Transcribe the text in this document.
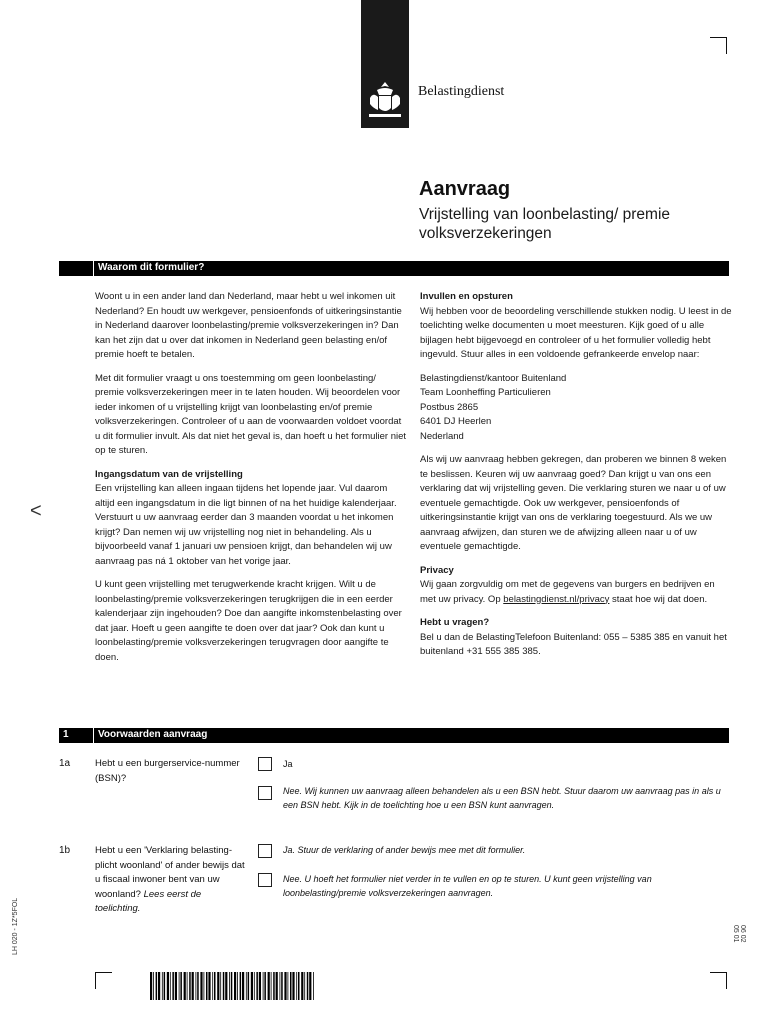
Belastingdienst
Aanvraag
Vrijstelling van loonbelasting/ premie volksverzekeringen
Waarom dit formulier?

Woont u in een ander land dan Nederland, maar hebt u wel inkomen uit Nederland? En houdt uw werkgever, pensioenfonds of uitkeringsinstantie in Nederland daarover loonbelasting/premie volksverzekeringen in? Dan kan het zijn dat u over dat inkomen in Nederland geen belasting en/of premie hoeft te betalen.

Met dit formulier vraagt u ons toestemming om geen loonbelasting/ premie volksverzekeringen meer in te laten houden. Wij beoordelen voor ieder inkomen of u vrijstelling krijgt van loonbelasting en/of premie volksverzekeringen. Controleer of u aan de voorwaarden voldoet voordat u dit formulier invult. Als dat niet het geval is, dan hoeft u het formulier niet op te sturen.

Ingangsdatum van de vrijstelling

Een vrijstelling kan alleen ingaan tijdens het lopende jaar. Vul daarom altijd een ingangsdatum in die ligt binnen of na het huidige kalenderjaar. Verstuurt u uw aanvraag eerder dan 3 maanden voordat u het inkomen krijgt? Dan nemen wij uw vrijstelling nog niet in behandeling. Als u bijvoorbeeld vanaf 1 januari uw pensioen krijgt, dan behandelen wij uw aanvraag pas ná 1 oktober van het vorige jaar.

U kunt geen vrijstelling met terugwerkende kracht krijgen. Wilt u de loonbelasting/premie volksverzekeringen terugkrijgen die in een eerder kalenderjaar zijn ingehouden? Doe dan aangifte inkomstenbelasting over dat jaar. Hoeft u geen aangifte te doen over dat jaar? Ook dan kunt u loonbelasting/premie volksverzekeringen terugvragen door aangifte te doen.

Invullen en opsturen

Wij hebben voor de beoordeling verschillende stukken nodig. U leest in de toelichting welke documenten u moet meesturen. Kijk goed of u alle bijlagen hebt bijgevoegd en controleer of u het formulier volledig hebt ingevuld. Stuur alles in een voldoende gefrankeerde envelop naar:

Belastingdienst/kantoor Buitenland
Team Loonheffing Particulieren
Postbus 2865
6401 DJ Heerlen
Nederland

Als wij uw aanvraag hebben gekregen, dan proberen we binnen 8 weken te beslissen. Keuren wij uw aanvraag goed? Dan krijgt u van ons een verklaring dat wij vrijstelling geven. Die verklaring sturen we naar u of uw eventuele gemachtigde. Ook uw werkgever, pensioenfonds of uitkeringsinstantie krijgt van ons de verklaring toegestuurd. Als we uw aanvraag afwijzen, dan sturen we de afwijzing alleen naar u of uw eventuele gemachtigde.

Privacy

Wij gaan zorgvuldig om met de gegevens van burgers en bedrijven en met uw privacy. Op belastingdienst.nl/privacy staat hoe wij dat doen.

Hebt u vragen?

Bel u dan de BelastingTelefoon Buitenland: 055 – 5385 385 en vanuit het buitenland +31 555 385 385.

1	Voorwaarden aanvraag
1a	Hebt u een burgerservice-nummer (BSN)?
Ja
Nee. Wij kunnen uw aanvraag alleen behandelen als u een BSN hebt. Stuur daarom uw aanvraag pas in als u een BSN hebt. Kijk in de toelichting hoe u een BSN kunt aanvragen.
1b	Hebt u een 'Verklaring belasting-plicht woonland' of ander bewijs dat u fiscaal inwoner bent van uw woonland? Lees eerst de toelichting.
Ja. Stuur de verklaring of ander bewijs mee met dit formulier.
Nee. U hoeft het formulier niet verder in te vullen en op te sturen. U kunt geen vrijstelling van loonbelasting/premie volksverzekeringen aanvragen.
<
LH 020 - 1Z*5FOL	06 02 05 01
